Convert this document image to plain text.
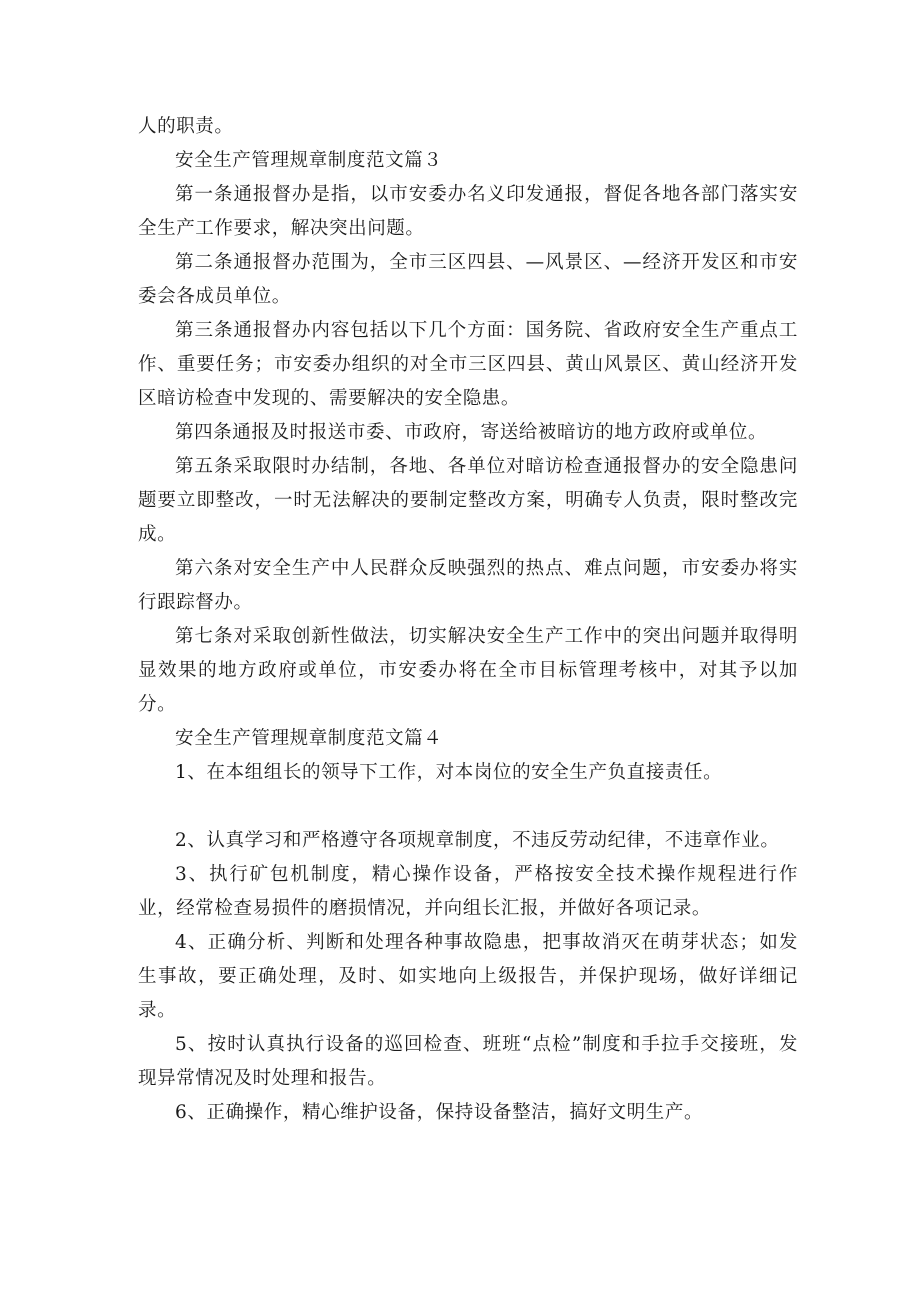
人的职责。

安全生产管理规章制度范文篇３

第一条通报督办是指，以市安委办名义印发通报，督促各地各部门落实安全生产工作要求，解决突出问题。

第二条通报督办范围为，全市三区四县、—风景区、—经济开发区和市安委会各成员单位。

第三条通报督办内容包括以下几个方面：国务院、省政府安全生产重点工作、重要任务；市安委办组织的对全市三区四县、黄山风景区、黄山经济开发区暗访检查中发现的、需要解决的安全隐患。

第四条通报及时报送市委、市政府，寄送给被暗访的地方政府或单位。

第五条采取限时办结制，各地、各单位对暗访检查通报督办的安全隐患问题要立即整改，一时无法解决的要制定整改方案，明确专人负责，限时整改完成。

第六条对安全生产中人民群众反映强烈的热点、难点问题，市安委办将实行跟踪督办。

第七条对采取创新性做法，切实解决安全生产工作中的突出问题并取得明显效果的地方政府或单位，市安委办将在全市目标管理考核中，对其予以加分。

安全生产管理规章制度范文篇４

1、在本组组长的领导下工作，对本岗位的安全生产负直接责任。

2、认真学习和严格遵守各项规章制度，不违反劳动纪律，不违章作业。

3、执行矿包机制度，精心操作设备，严格按安全技术操作规程进行作业，经常检查易损件的磨损情况，并向组长汇报，并做好各项记录。

4、正确分析、判断和处理各种事故隐患，把事故消灭在萌芽状态；如发生事故，要正确处理，及时、如实地向上级报告，并保护现场，做好详细记录。

5、按时认真执行设备的巡回检查、班班“点检”制度和手拉手交接班，发现异常情况及时处理和报告。

6、正确操作，精心维护设备，保持设备整洁，搞好文明生产。
